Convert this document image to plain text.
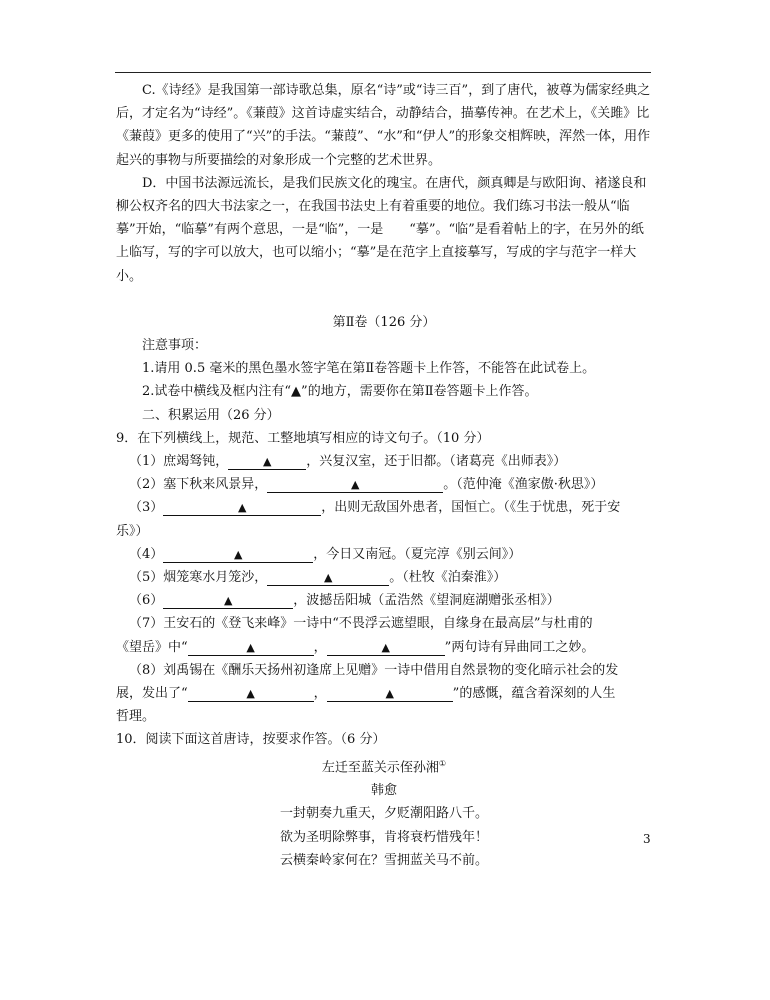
C.《诗经》是我国第一部诗歌总集，原名“诗”或“诗三百”，到了唐代，被尊为儒家经典之后，才定名为“诗经”。《蒹葭》这首诗虚实结合，动静结合，描摹传神。在艺术上，《关雎》比《蒹葭》更多的使用了“兴”的手法。“蒹葭”、“水”和“伊人”的形象交相辉映，浑然一体，用作起兴的事物与所要描绘的对象形成一个完整的艺术世界。

D．中国书法源远流长，是我们民族文化的瑰宝。在唐代，颜真卿是与欧阳询、褚遂良和柳公权齐名的四大书法家之一，在我国书法史上有着重要的地位。我们练习书法一般从“临摹”开始，“临摹”有两个意思，一是“临”，一是　　“摹”。“临”是看着帖上的字，在另外的纸上临写，写的字可以放大，也可以缩小；“摹”是在范字上直接摹写，写成的字与范字一样大小。

第Ⅱ卷（126 分）

注意事项：

1.请用 0.5 毫米的黑色墨水签字笔在第Ⅱ卷答题卡上作答，不能答在此试卷上。

2.试卷中横线及框内注有“▲”的地方，需要你在第Ⅱ卷答题卡上作答。

二、积累运用（26 分）

9．在下列横线上，规范、工整地填写相应的诗文句子。（10 分）

（1）庶竭驽钝，	▲	，兴复汉室，还于旧都。（诸葛亮《出师表》）

（2）塞下秋来风景异，	▲	。（范仲淹《渔家傲·秋思》）

（3）	▲	，出则无敌国外患者，国恒亡。（《生于忧患，死于安

乐》）

（4）	▲	，今日又南冠。（夏完淳《别云间》）

（5）烟笼寒水月笼沙，	▲	。（杜牧《泊秦淮》）

（6）	▲	，波撼岳阳城（孟浩然《望洞庭湖赠张丞相》）

（7）王安石的《登飞来峰》一诗中“不畏浮云遮望眼，自缘身在最高层”与杜甫的

《望岳》中“	▲	，	▲	”两句诗有异曲同工之妙。

（8）刘禹锡在《酬乐天扬州初逢席上见赠》一诗中借用自然景物的变化暗示社会的发

展，发出了“	▲	，	▲	”的感慨，蕴含着深刻的人生

哲理。

10．阅读下面这首唐诗，按要求作答。（6 分）

左迁至蓝关示侄孙湘①

韩愈

一封朝奏九重天，夕贬潮阳路八千。

欲为圣明除弊事，肯将衰朽惜残年！

云横秦岭家何在？雪拥蓝关马不前。

3
